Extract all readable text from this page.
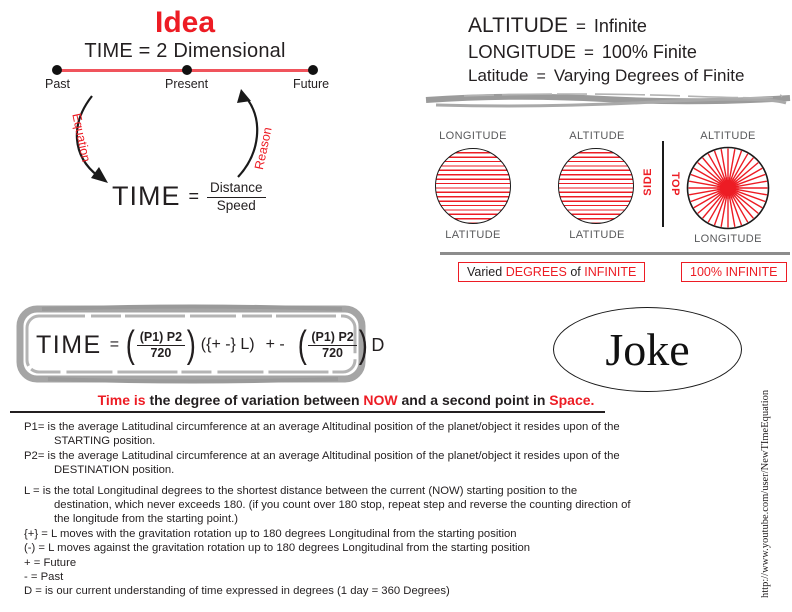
Idea
TIME = 2 Dimensional
Past	Present	Future
Equation	Reason
TIME = $\frac{\text{Distance}}{\text{Speed}}$
ALTITUDE = Infinite
LONGITUDE = 100% Finite
Latitude = Varying Degrees of Finite
LONGITUDE
LATITUDE
ALTITUDE
LATITUDE
SIDE TOP
ALTITUDE
LONGITUDE
Varied DEGREES of INFINITE	100% INFINITE
TIME = ( $\frac{(P1) P2}{720}$ ) ({+ -} L) + - ( $\frac{(P1) P2}{720}$ ) D	Joke
Time is the degree of variation between NOW and a second point in Space.
P1= is the average Latitudinal circumference at an average Altitudinal position of the planet/object it resides upon of the
STARTING position.
P2= is the average Latitudinal circumference at an average Altitudinal position of the planet/object it resides upon of the
DESTINATION position.
L = is the total Longitudinal degrees to the shortest distance between the current (NOW) starting position to the
destination, which never exceeds 180. (if you count over 180 stop, repeat step and reverse the counting direction of
the longitude from the starting point.)
{+} = L moves with the gravitation rotation up to 180 degrees Longitudinal from the starting position
(-) = L moves against the gravitation rotation up to 180 degrees Longitudinal from the starting position
+ = Future
- = Past
D = is our current understanding of time expressed in degrees (1 day = 360 Degrees)	http://www.youtube.com/user/NewTImeEquation
